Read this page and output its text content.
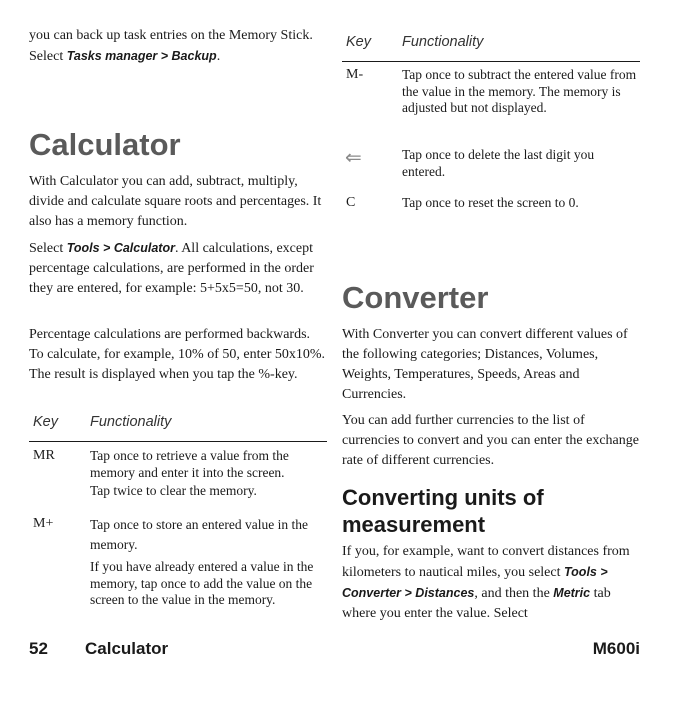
you can back up task entries on the Memory Stick. Select Tasks manager > Backup.

Calculator

With Calculator you can add, subtract, multiply, divide and calculate square roots and percentages. It also has a memory function.

Select Tools > Calculator. All calculations, except percentage calculations, are performed in the order they are entered, for example: 5+5x5=50, not 30.

Percentage calculations are performed backwards. To calculate, for example, 10% of 50, enter 50x10%. The result is displayed when you tap the %-key.

Key Functionality
MR	Tap once to retrieve a value from the memory and enter it into the screen.
Tap twice to clear the memory.
M+	Tap once to store an entered value in the memory.
If you have already entered a value in the memory, tap once to add the value on the screen to the value in the memory.
Key Functionality
M-	Tap once to subtract the entered value from the value in the memory. The memory is adjusted but not displayed.
⇐	Tap once to delete the last digit you entered.
C	Tap once to reset the screen to 0.
Converter

With Converter you can convert different values of the following categories; Distances, Volumes, Weights, Temperatures, Speeds, Areas and Currencies.

You can add further currencies to the list of currencies to convert and you can enter the exchange rate of different currencies.

Converting units of measurement

If you, for example, want to convert distances from kilometers to nautical miles, you select Tools > Converter > Distances, and then the Metric tab where you enter the value. Select

52 Calculator	M600i
